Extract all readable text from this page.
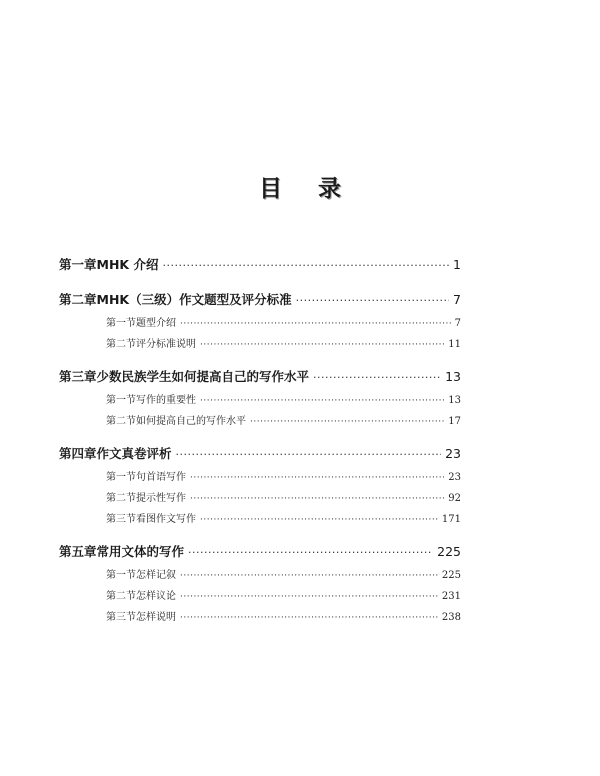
目 录
第一章 MHK 介绍 ·····	1
第二章 MHK（三级）作文题型及评分标准 ·····	7
第一节 题型介绍 ·····	7
第二节 评分标准说明 ·····	11
第三章 少数民族学生如何提高自己的写作水平 ·····	13
第一节 写作的重要性 ·····	13
第二节 如何提高自己的写作水平 ·····	17
第四章 作文真卷评析 ·····	23
第一节 句首语写作 ·····	23
第二节 提示性写作 ·····	92
第三节 看图作文写作 ·····	171
第五章 常用文体的写作 ·····	225
第一节 怎样记叙 ·····	225
第二节 怎样议论 ·····	231
第三节 怎样说明 ·····	238
